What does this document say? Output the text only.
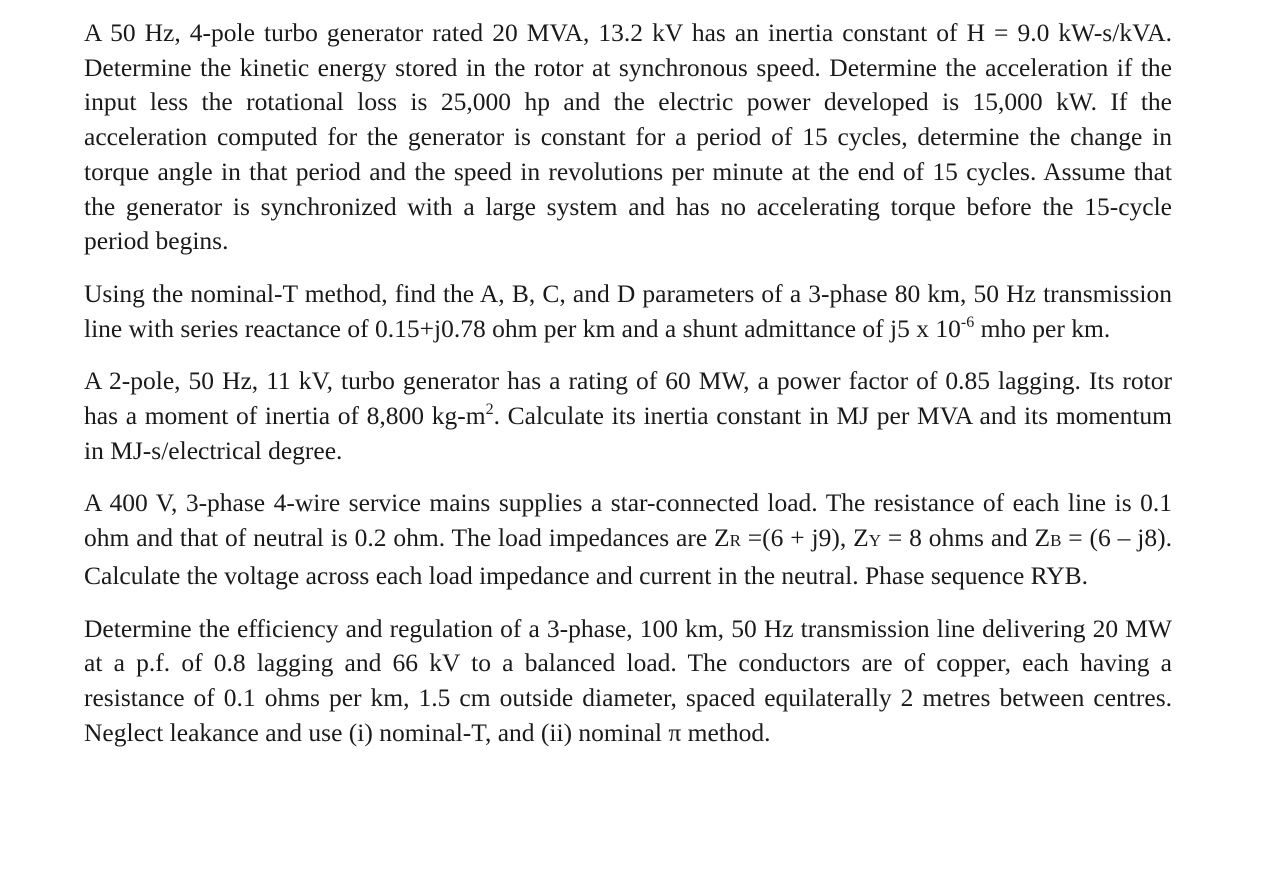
A 50 Hz, 4-pole turbo generator rated 20 MVA, 13.2 kV has an inertia constant of H = 9.0 kW-s/kVA. Determine the kinetic energy stored in the rotor at synchronous speed. Determine the acceleration if the input less the rotational loss is 25,000 hp and the electric power developed is 15,000 kW. If the acceleration computed for the generator is constant for a period of 15 cycles, determine the change in torque angle in that period and the speed in revolutions per minute at the end of 15 cycles. Assume that the generator is synchronized with a large system and has no accelerating torque before the 15-cycle period begins.

Using the nominal-T method, find the A, B, C, and D parameters of a 3-phase 80 km, 50 Hz transmission line with series reactance of 0.15+j0.78 ohm per km and a shunt admittance of j5 x $10^{-6}$ mho per km.

A 2-pole, 50 Hz, 11 kV, turbo generator has a rating of 60 MW, a power factor of 0.85 lagging. Its rotor has a moment of inertia of 8,800 $kg-m^2$. Calculate its inertia constant in MJ per MVA and its momentum in MJ-s/electrical degree.

A 400 V, 3-phase 4-wire service mains supplies a star-connected load. The resistance of each line is 0.1 ohm and that of neutral is 0.2 ohm. The load impedances are ZR =(6 + j9), ZY = 8 ohms and ZB = (6 – j8). Calculate the voltage across each load impedance and current in the neutral. Phase sequence RYB.

Determine the efficiency and regulation of a 3-phase, 100 km, 50 Hz transmission line delivering 20 MW at a p.f. of 0.8 lagging and 66 kV to a balanced load. The conductors are of copper, each having a resistance of 0.1 ohms per km, 1.5 cm outside diameter, spaced equilaterally 2 metres between centres. Neglect leakance and use (i) nominal-T, and (ii) nominal π method.
